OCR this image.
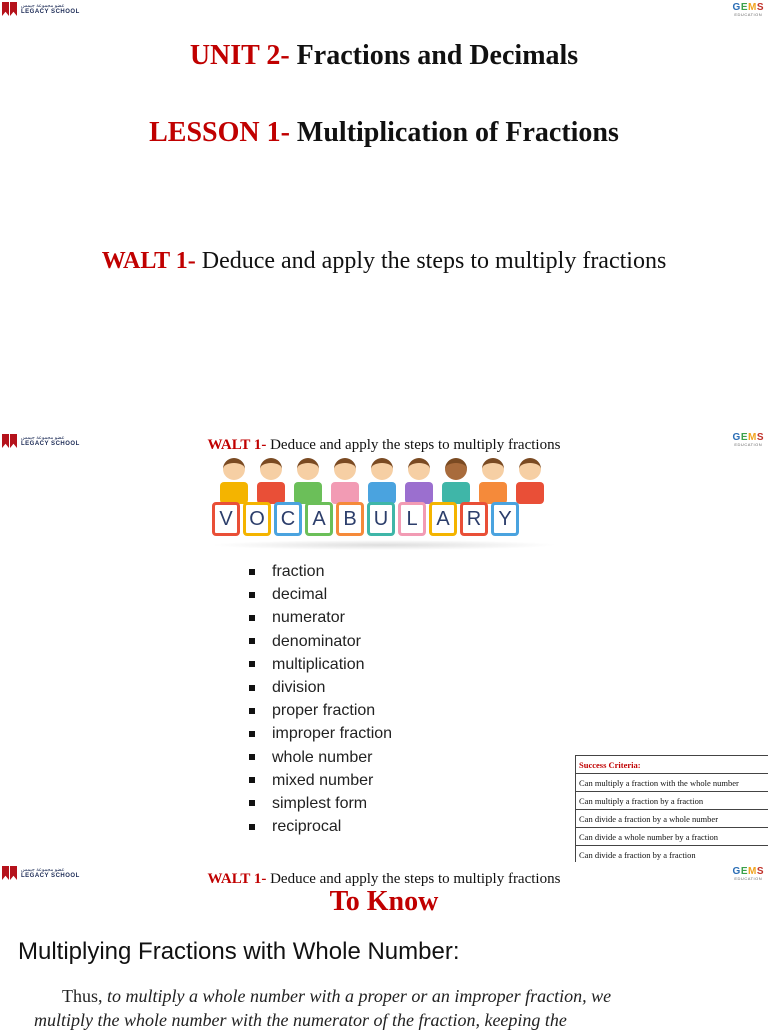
عضو مجموعة جيمس
LEGACY SCHOOL	GEMS
EDUCATION
UNIT 2- Fractions and Decimals
LESSON 1- Multiplication of Fractions
WALT 1- Deduce and apply the steps to multiply fractions
عضو مجموعة جيمس
LEGACY SCHOOL
GEMS
EDUCATION
WALT 1- Deduce and apply the steps to multiply fractions
V O C A B U L A R Y
fraction
decimal
numerator
denominator
multiplication
division
proper fraction
improper fraction
whole number
mixed number
simplest form
reciprocal
Success Criteria:
Can multiply a fraction with the whole number
Can multiply a fraction by a fraction
Can divide a fraction by a whole number
Can divide a whole number by a fraction
Can divide a fraction by a fraction
عضو مجموعة جيمس
LEGACY SCHOOL	GEMS
EDUCATION
WALT 1- Deduce and apply the steps to multiply fractions
To Know
Multiplying Fractions with Whole Number:
Thus, to multiply a whole number with a proper or an improper fraction, we
multiply the whole number with the numerator of the fraction, keeping the
